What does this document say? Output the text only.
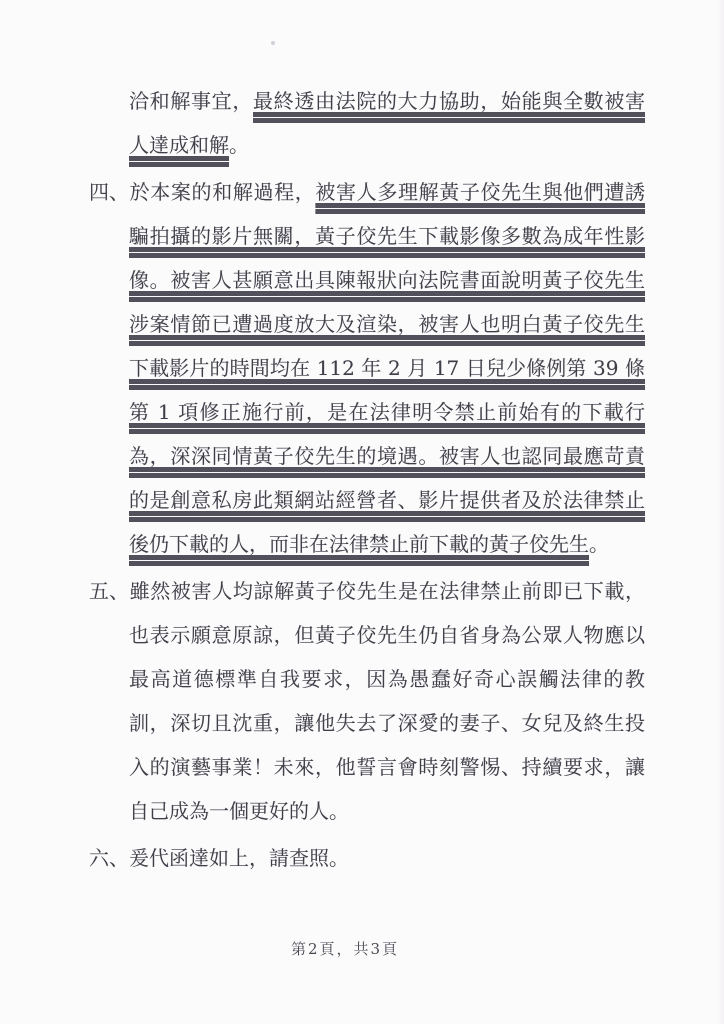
洽和解事宜，最終透由法院的大力協助，始能與全數被害人達成和解。

四、於本案的和解過程，被害人多理解黃子佼先生與他們遭誘騙拍攝的影片無關，黃子佼先生下載影像多數為成年性影像。被害人甚願意出具陳報狀向法院書面說明黃子佼先生涉案情節已遭過度放大及渲染，被害人也明白黃子佼先生下載影片的時間均在 112 年 2 月 17 日兒少條例第 39 條第 1 項修正施行前，是在法律明令禁止前始有的下載行為，深深同情黃子佼先生的境遇。被害人也認同最應苛責的是創意私房此類網站經營者、影片提供者及於法律禁止後仍下載的人，而非在法律禁止前下載的黃子佼先生。

五、雖然被害人均諒解黃子佼先生是在法律禁止前即已下載，也表示願意原諒，但黃子佼先生仍自省身為公眾人物應以最高道德標準自我要求，因為愚蠢好奇心誤觸法律的教訓，深切且沈重，讓他失去了深愛的妻子、女兒及終生投入的演藝事業！未來，他誓言會時刻警惕、持續要求，讓自己成為一個更好的人。

六、爰代函達如上，請查照。

第2頁，共3頁
